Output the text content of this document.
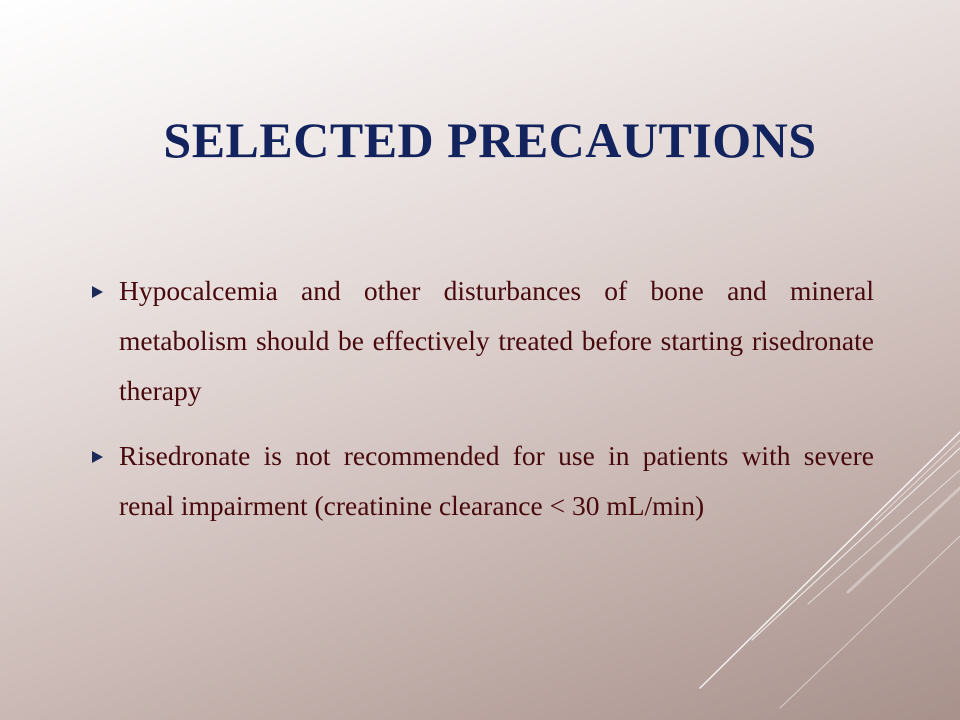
SELECTED PRECAUTIONS
Hypocalcemia and other disturbances of bone and mineral metabolism should be effectively treated before starting risedronate therapy
Risedronate is not recommended for use in patients with severe renal impairment (creatinine clearance < 30 mL/min)
